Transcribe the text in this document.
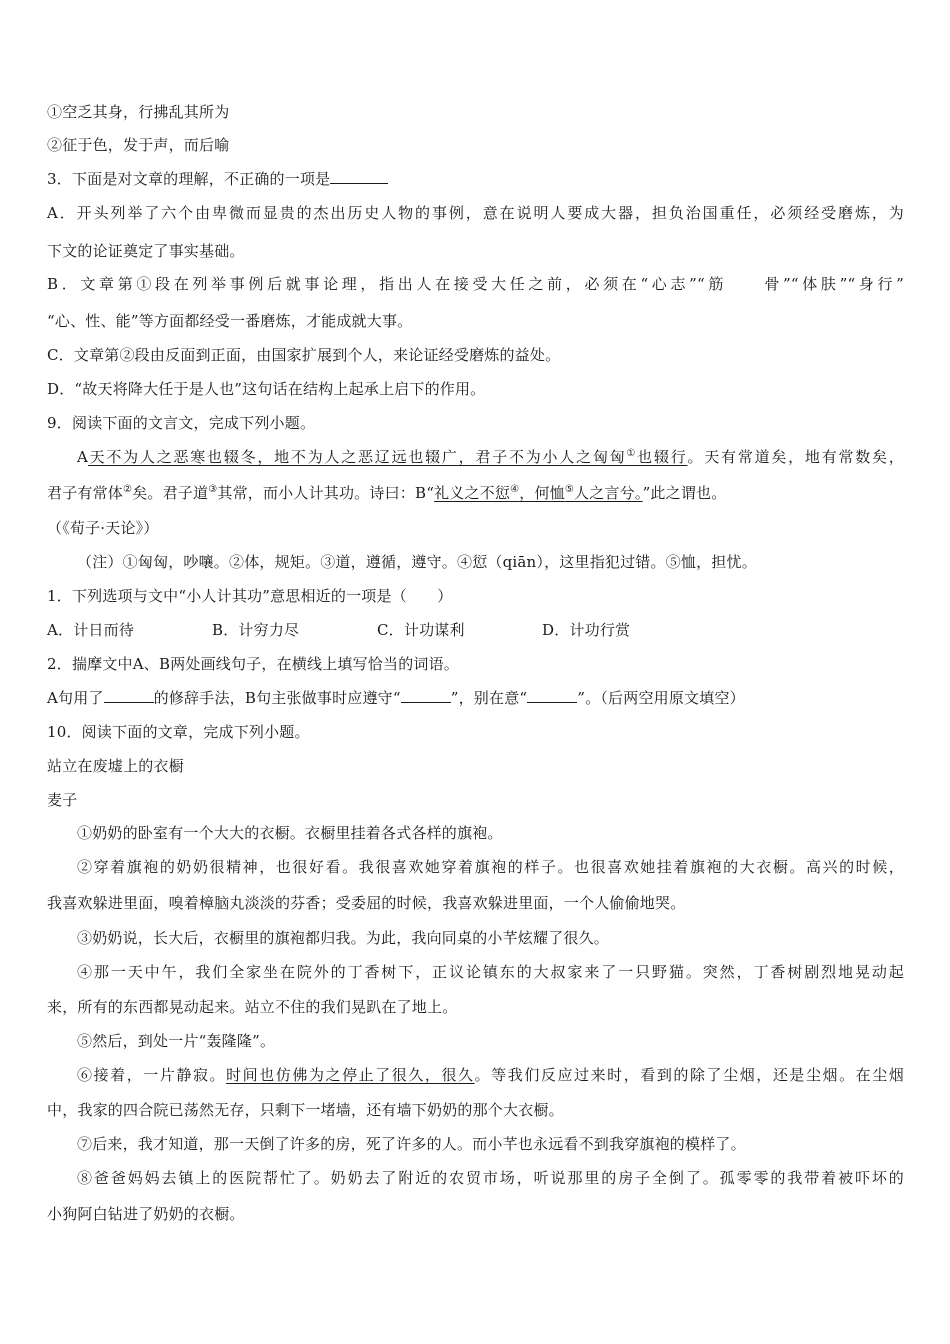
①空乏其身，行拂乱其所为
②征于色，发于声，而后喻
3．下面是对文章的理解，不正确的一项是
A．开头列举了六个由卑微而显贵的杰出历史人物的事例，意在说明人要成大器，担负治国重任，必须经受磨炼，为
下文的论证奠定了事实基础。
B．文章第①段在列举事例后就事论理，指出人在接受大任之前，必须在“心志”“筋　　骨”“体肤”“身行”
“心、性、能”等方面都经受一番磨炼，才能成就大事。
C．文章第②段由反面到正面，由国家扩展到个人，来论证经受磨炼的益处。
D．“故天将降大任于是人也”这句话在结构上起承上启下的作用。
9．阅读下面的文言文，完成下列小题。
A天不为人之恶寒也辍冬，地不为人之恶辽远也辍广，君子不为小人之匈匈①也辍行。天有常道矣，地有常数矣，
君子有常体②矣。君子道③其常，而小人计其功。诗曰：B“礼义之不愆④，何恤⑤人之言兮。”此之谓也。
（《荀子·天论》）
（注）①匈匈，吵嚷。②体，规矩。③道，遵循，遵守。④愆（qiān），这里指犯过错。⑤恤，担忧。
1．下列选项与文中“小人计其功”意思相近的一项是（　　）
A．计日而待	B．计穷力尽	C．计功谋利	D．计功行赏
2．揣摩文中A、B两处画线句子，在横线上填写恰当的词语。
A句用了	的修辞手法，B句主张做事时应遵守“	”，别在意“	”。（后两空用原文填空）
10．阅读下面的文章，完成下列小题。
站立在废墟上的衣橱
麦子
①奶奶的卧室有一个大大的衣橱。衣橱里挂着各式各样的旗袍。
②穿着旗袍的奶奶很精神，也很好看。我很喜欢她穿着旗袍的样子。也很喜欢她挂着旗袍的大衣橱。高兴的时候，
我喜欢躲进里面，嗅着樟脑丸淡淡的芬香；受委屈的时候，我喜欢躲进里面，一个人偷偷地哭。
③奶奶说，长大后，衣橱里的旗袍都归我。为此，我向同桌的小芊炫耀了很久。
④那一天中午，我们全家坐在院外的丁香树下，正议论镇东的大叔家来了一只野猫。突然，丁香树剧烈地晃动起
来，所有的东西都晃动起来。站立不住的我们晃趴在了地上。
⑤然后，到处一片“轰隆隆”。
⑥接着，一片静寂。时间也仿佛为之停止了很久，很久。等我们反应过来时，看到的除了尘烟，还是尘烟。在尘烟
中，我家的四合院已荡然无存，只剩下一堵墙，还有墙下奶奶的那个大衣橱。
⑦后来，我才知道，那一天倒了许多的房，死了许多的人。而小芊也永远看不到我穿旗袍的模样了。
⑧爸爸妈妈去镇上的医院帮忙了。奶奶去了附近的农贸市场，听说那里的房子全倒了。孤零零的我带着被吓坏的
小狗阿白钻进了奶奶的衣橱。
